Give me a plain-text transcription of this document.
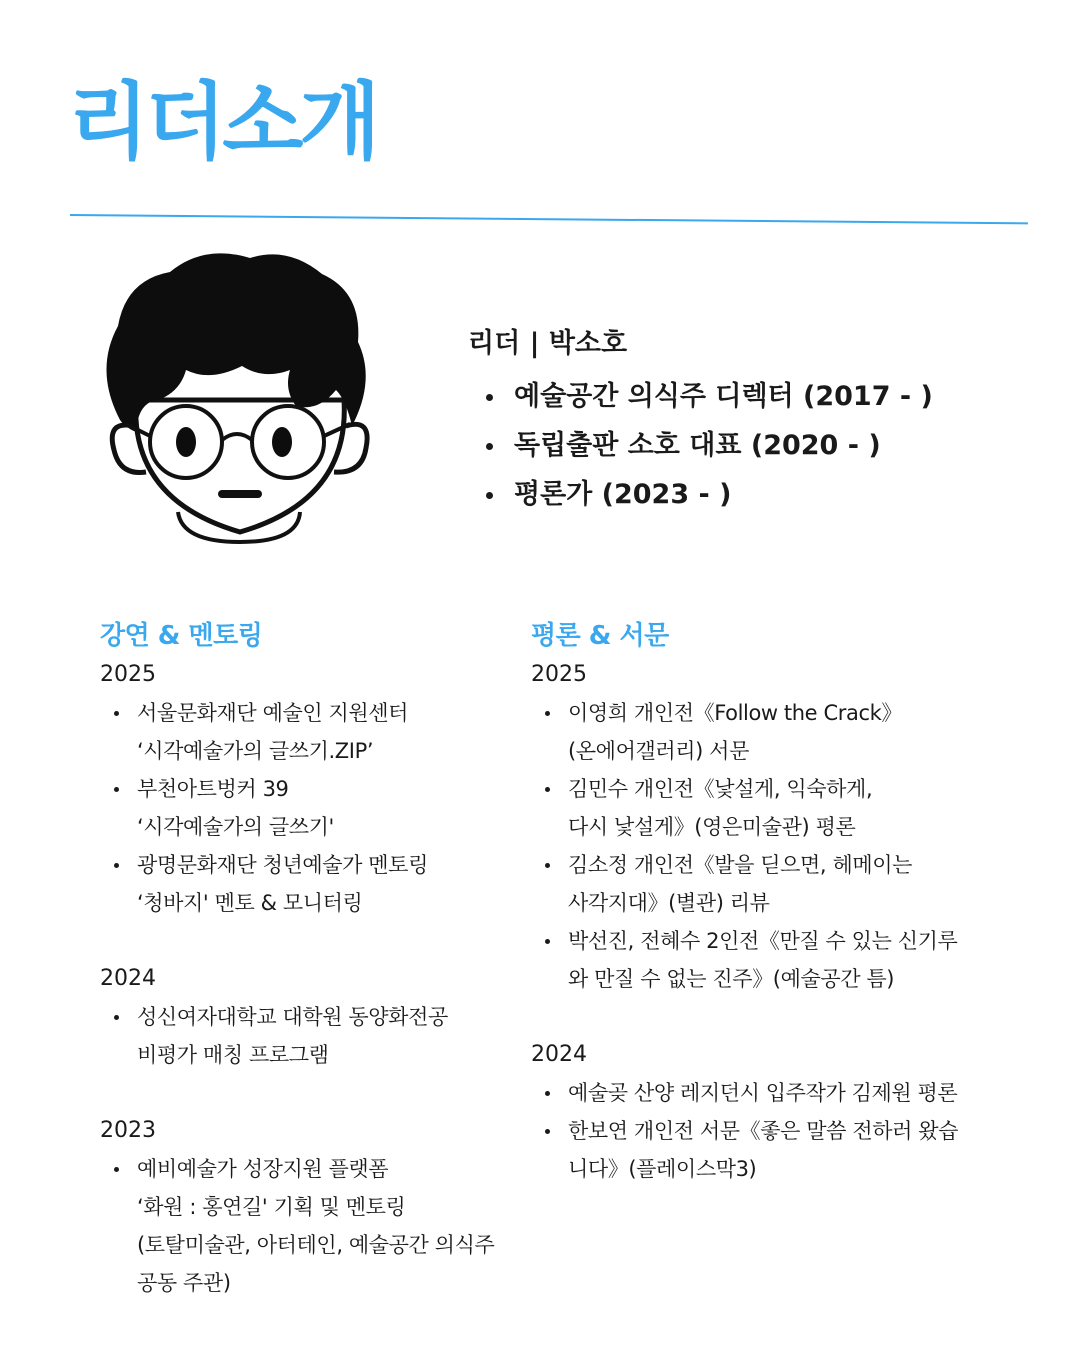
리더소개
리더 | 박소호
예술공간 의식주 디렉터 (2017 - )
독립출판 소호 대표 (2020 - )
평론가 (2023 - )
강연 & 멘토링
2025
서울문화재단 예술인 지원센터
‘시각예술가의 글쓰기.ZIP’
부천아트벙커 39
‘시각예술가의 글쓰기'
광명문화재단 청년예술가 멘토링
‘청바지' 멘토 & 모니터링
2024
성신여자대학교 대학원 동양화전공
비평가 매칭 프로그램
2023
예비예술가 성장지원 플랫폼
‘화원 : 홍연길' 기획 및 멘토링
(토탈미술관, 아터테인, 예술공간 의식주
공동 주관)
평론 & 서문
2025
이영희 개인전《Follow the Crack》
(온에어갤러리) 서문
김민수 개인전《낯설게, 익숙하게,
다시 낯설게》(영은미술관) 평론
김소정 개인전《발을 딛으면, 헤메이는
사각지대》(별관) 리뷰
박선진, 전혜수 2인전《만질 수 있는 신기루
와 만질 수 없는 진주》(예술공간 틈)
2024
예술곶 산양 레지던시 입주작가 김제원 평론
한보연 개인전 서문《좋은 말씀 전하러 왔습
니다》(플레이스막3)
